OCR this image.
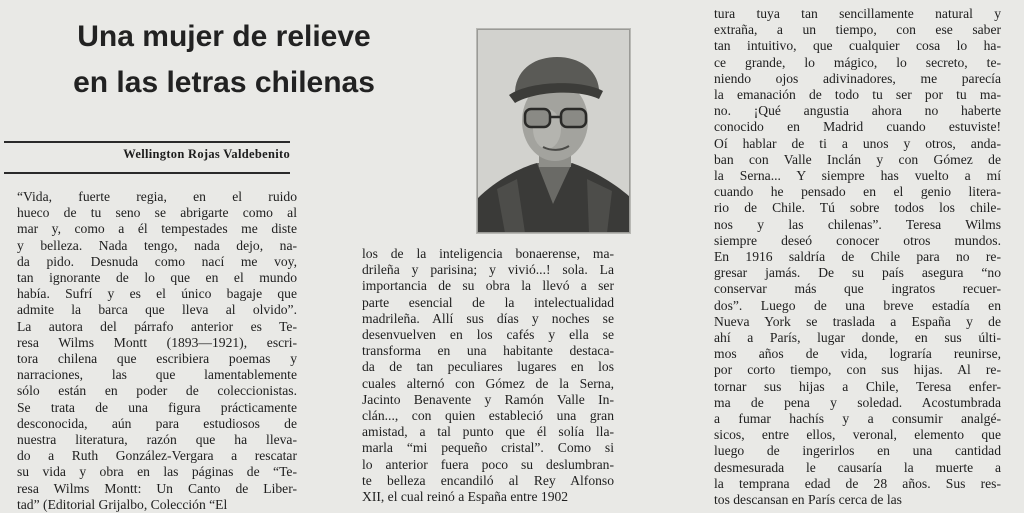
Una mujer de relieve
en las letras chilenas
Wellington Rojas Valdebenito
“Vida, fuerte regia, en el ruido
hueco de tu seno se abrigarte como al
mar y, como a él tempestades me diste
y belleza. Nada tengo, nada dejo, na-
da pido. Desnuda como nací me voy,
tan ignorante de lo que en el mundo
había. Sufrí y es el único bagaje que
admite la barca que lleva al olvido”.
La autora del párrafo anterior es Te-
resa Wilms Montt (1893—1921), escri-
tora chilena que escribiera poemas y
narraciones, las que lamentablemente
sólo están en poder de coleccionistas.
Se trata de una figura prácticamente
desconocida, aún para estudiosos de
nuestra literatura, razón que ha lleva-
do a Ruth González-Vergara a rescatar
su vida y obra en las páginas de “Te-
resa Wilms Montt: Un Canto de Liber-
tad” (Editorial Grijalbo, Colección “El
los de la inteligencia bonaerense, ma-
drileña y parisina; y vivió...! sola. La
importancia de su obra la llevó a ser
parte esencial de la intelectualidad
madrileña. Allí sus días y noches se
desenvuelven en los cafés y ella se
transforma en una habitante destaca-
da de tan peculiares lugares en los
cuales alternó con Gómez de la Serna,
Jacinto Benavente y Ramón Valle In-
clán..., con quien estableció una gran
amistad, a tal punto que él solía lla-
marla “mi pequeño cristal”. Como si
lo anterior fuera poco su deslumbran-
te belleza encandiló al Rey Alfonso
XII, el cual reinó a España entre 1902
tura tuya tan sencillamente natural y
extraña, a un tiempo, con ese saber
tan intuitivo, que cualquier cosa lo ha-
ce grande, lo mágico, lo secreto, te-
niendo ojos adivinadores, me parecía
la emanación de todo tu ser por tu ma-
no. ¡Qué angustia ahora no haberte
conocido en Madrid cuando estuviste!
Oí hablar de ti a unos y otros, anda-
ban con Valle Inclán y con Gómez de
la Serna... Y siempre has vuelto a mí
cuando he pensado en el genio litera-
rio de Chile. Tú sobre todos los chile-
nos y las chilenas”. Teresa Wilms
siempre deseó conocer otros mundos.
En 1916 saldría de Chile para no re-
gresar jamás. De su país asegura “no
conservar más que ingratos recuer-
dos”. Luego de una breve estadía en
Nueva York se traslada a España y de
ahí a París, lugar donde, en sus últi-
mos años de vida, lograría reunirse,
por corto tiempo, con sus hijas. Al re-
tornar sus hijas a Chile, Teresa enfer-
ma de pena y soledad. Acostumbrada
a fumar hachís y a consumir analgé-
sicos, entre ellos, veronal, elemento que
luego de ingerirlos en una cantidad
desmesurada le causaría la muerte a
la temprana edad de 28 años. Sus res-
tos descansan en París cerca de las
